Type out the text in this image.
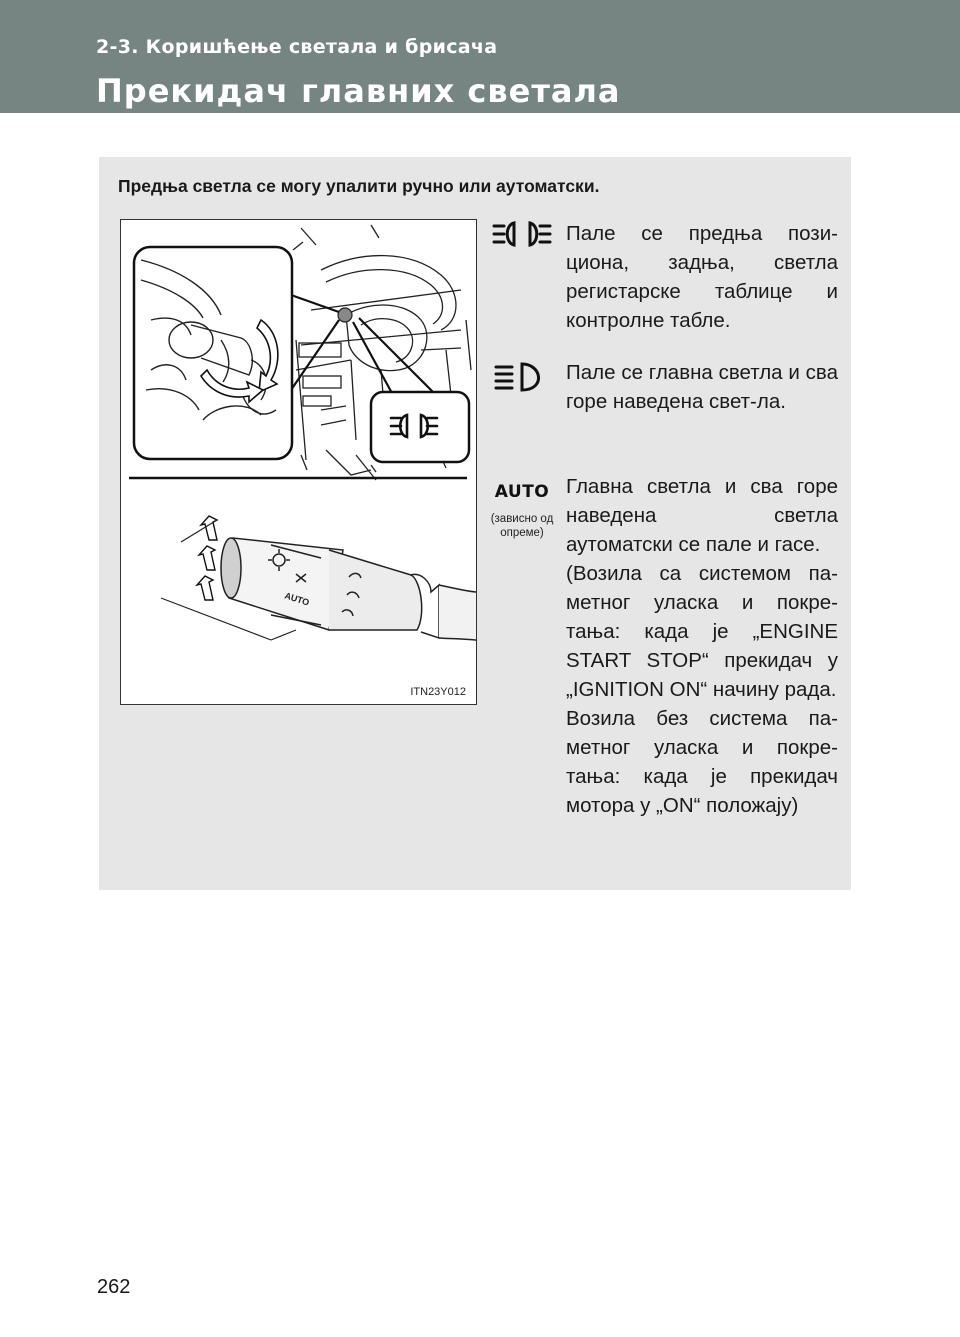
2-3. Коришћење светала и брисача
Прекидач главних светала
Предња светла се могу упалити ручно или аутоматски.
AUTO
ITN23Y012
Пале се предња пози-циона, задња, светла регистарске таблице и контролне табле.
Пале се главна светла и сва горе наведена свет-ла.
AUTO
(зависно од опреме)
Главна светла и сва горе наведена светла аутоматски се пале и гасе.
(Возила са системом па-метног уласка и покре-тања: када је „ENGINE START STOP“ прекидач у „IGNITION ON“ начину рада.
Возила без система па-метног уласка и покре-тања: када је прекидач мотора у „ON“ положају)
262
